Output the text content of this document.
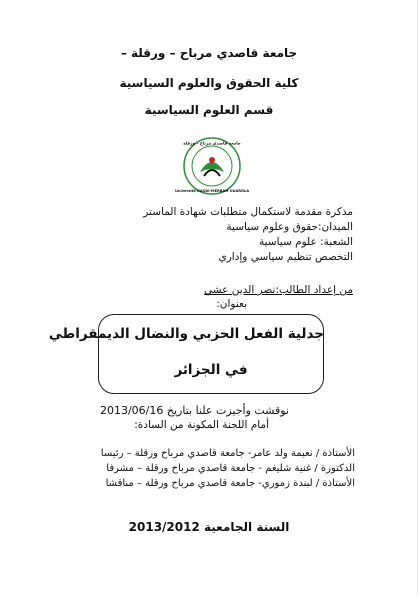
جامعة قاصدي مرباح – ورقلة –
كلية الحقوق والعلوم السياسية
قسم العلوم السياسية
جامعة قاصدي مرباح - ورقلة
Université KASDI-MERBAH OUARGLA
مذكرة مقدمة لاستكمال متطلبات شهادة الماستر
الميدان:حقوق وعلوم سياسية
الشعبة: علوم سياسية
التخصص تنظيم سياسي وإداري
من إعداد الطالب:نصر الدين عشي
بعنوان:
جدلية الفعل الحزبي والنضال الديمقراطي
في الجزائر
نوقشت وأجيزت علنا بتاريخ 2013/06/16
أمام اللجنة المكونة من السادة:
الأستاذة / نعيمة ولد عامر- جامعة قاصدي مرباح ورقلة – رئيسا
الدكتورة / غنية شليغم - جامعة قاصدي مرباح ورقلة – مشرفا
الأستاذة / لبندة زموري- جامعة قاصدي مرباح ورقلة – مناقشا
السنة الجامعية 2013/2012
